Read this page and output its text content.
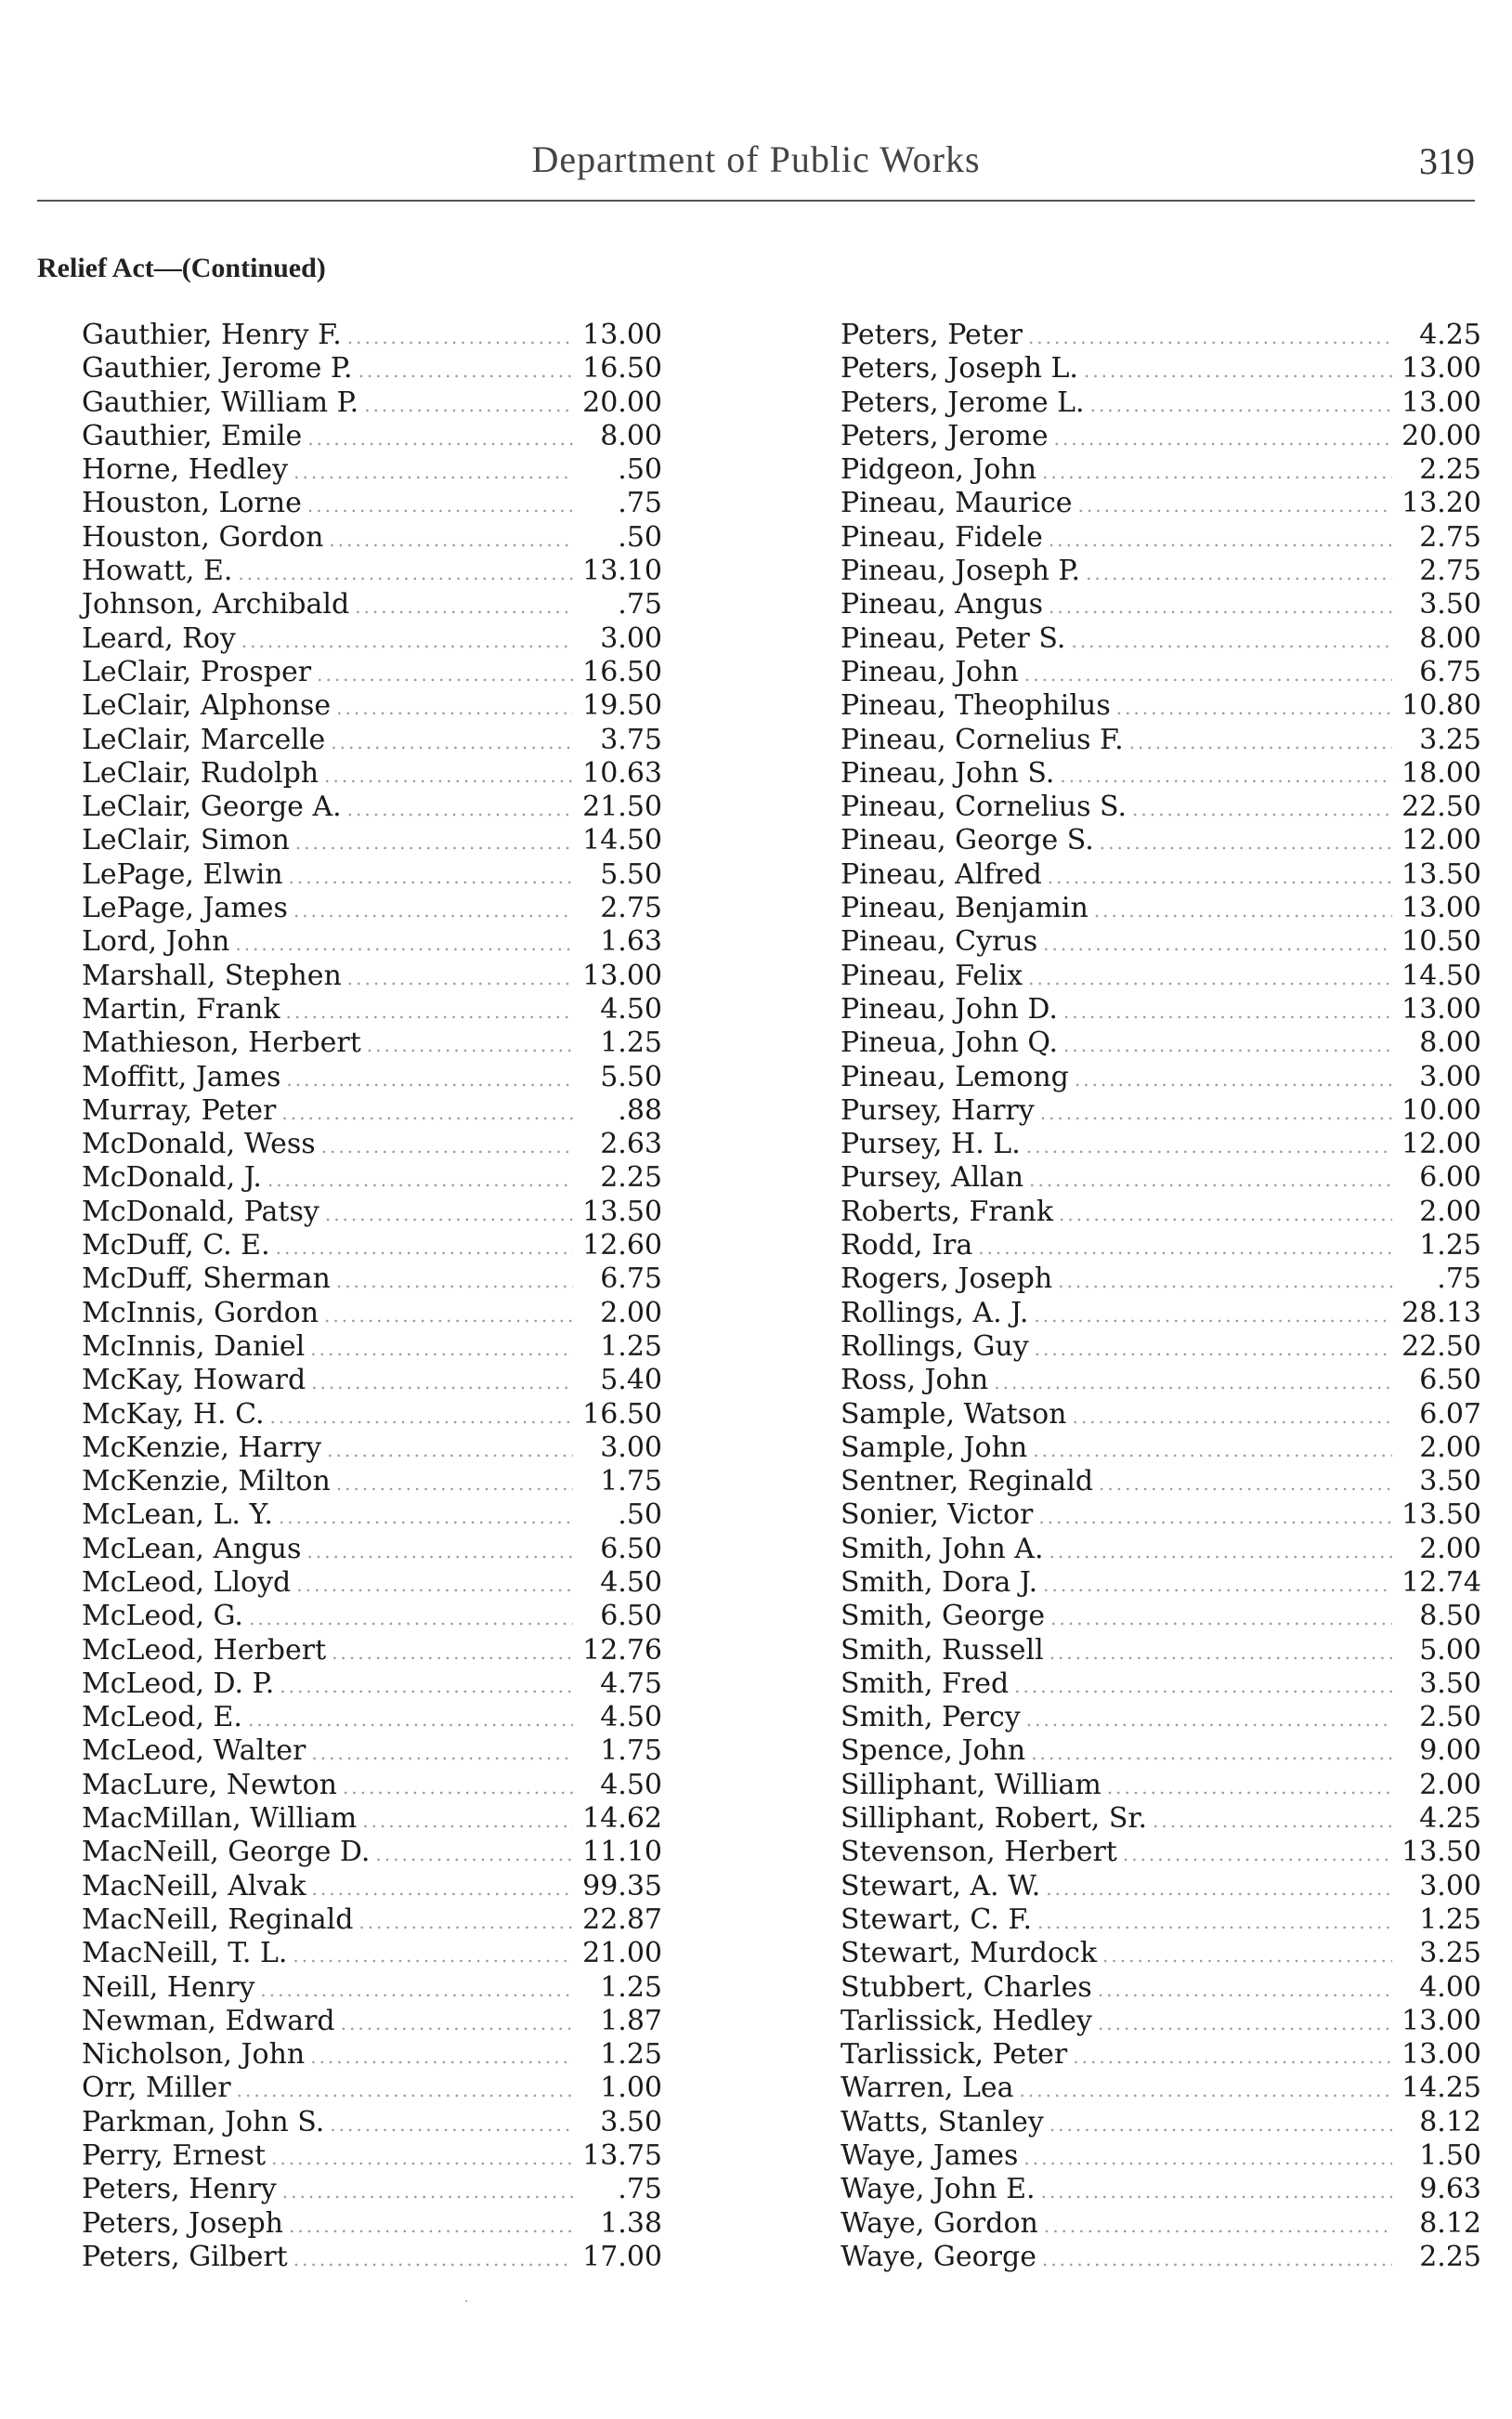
Department of Public Works	319
Relief Act—(Continued)
Gauthier, Henry F. .....	13.00
Gauthier, Jerome P. .....	16.50
Gauthier, William P. .....	20.00
Gauthier, Emile .....	8.00
Horne, Hedley .....	.50
Houston, Lorne .....	.75
Houston, Gordon .....	.50
Howatt, E. .....	13.10
Johnson, Archibald .....	.75
Leard, Roy .....	3.00
LeClair, Prosper .....	16.50
LeClair, Alphonse .....	19.50
LeClair, Marcelle .....	3.75
LeClair, Rudolph .....	10.63
LeClair, George A. .....	21.50
LeClair, Simon .....	14.50
LePage, Elwin .....	5.50
LePage, James .....	2.75
Lord, John .....	1.63
Marshall, Stephen .....	13.00
Martin, Frank .....	4.50
Mathieson, Herbert .....	1.25
Moffitt, James .....	5.50
Murray, Peter .....	.88
McDonald, Wess .....	2.63
McDonald, J. .....	2.25
McDonald, Patsy .....	13.50
McDuff, C. E. .....	12.60
McDuff, Sherman .....	6.75
McInnis, Gordon .....	2.00
McInnis, Daniel .....	1.25
McKay, Howard .....	5.40
McKay, H. C. .....	16.50
McKenzie, Harry .....	3.00
McKenzie, Milton .....	1.75
McLean, L. Y. .....	.50
McLean, Angus .....	6.50
McLeod, Lloyd .....	4.50
McLeod, G. .....	6.50
McLeod, Herbert .....	12.76
McLeod, D. P. .....	4.75
McLeod, E. .....	4.50
McLeod, Walter .....	1.75
MacLure, Newton .....	4.50
MacMillan, William .....	14.62
MacNeill, George D. .....	11.10
MacNeill, Alvak .....	99.35
MacNeill, Reginald .....	22.87
MacNeill, T. L. .....	21.00
Neill, Henry .....	1.25
Newman, Edward .....	1.87
Nicholson, John .....	1.25
Orr, Miller .....	1.00
Parkman, John S. .....	3.50
Perry, Ernest .....	13.75
Peters, Henry .....	.75
Peters, Joseph .....	1.38
Peters, Gilbert .....	17.00
Peters, Peter .....	4.25
Peters, Joseph L. .....	13.00
Peters, Jerome L. .....	13.00
Peters, Jerome .....	20.00
Pidgeon, John .....	2.25
Pineau, Maurice .....	13.20
Pineau, Fidele .....	2.75
Pineau, Joseph P. .....	2.75
Pineau, Angus .....	3.50
Pineau, Peter S. .....	8.00
Pineau, John .....	6.75
Pineau, Theophilus .....	10.80
Pineau, Cornelius F. .....	3.25
Pineau, John S. .....	18.00
Pineau, Cornelius S. .....	22.50
Pineau, George S. .....	12.00
Pineau, Alfred .....	13.50
Pineau, Benjamin .....	13.00
Pineau, Cyrus .....	10.50
Pineau, Felix .....	14.50
Pineau, John D. .....	13.00
Pineua, John Q. .....	8.00
Pineau, Lemong .....	3.00
Pursey, Harry .....	10.00
Pursey, H. L. .....	12.00
Pursey, Allan .....	6.00
Roberts, Frank .....	2.00
Rodd, Ira .....	1.25
Rogers, Joseph .....	.75
Rollings, A. J. .....	28.13
Rollings, Guy .....	22.50
Ross, John .....	6.50
Sample, Watson .....	6.07
Sample, John .....	2.00
Sentner, Reginald .....	3.50
Sonier, Victor .....	13.50
Smith, John A. .....	2.00
Smith, Dora J. .....	12.74
Smith, George .....	8.50
Smith, Russell .....	5.00
Smith, Fred .....	3.50
Smith, Percy .....	2.50
Spence, John .....	9.00
Silliphant, William .....	2.00
Silliphant, Robert, Sr. .....	4.25
Stevenson, Herbert .....	13.50
Stewart, A. W. .....	3.00
Stewart, C. F. .....	1.25
Stewart, Murdock .....	3.25
Stubbert, Charles .....	4.00
Tarlissick, Hedley .....	13.00
Tarlissick, Peter .....	13.00
Warren, Lea .....	14.25
Watts, Stanley .....	8.12
Waye, James .....	1.50
Waye, John E. .....	9.63
Waye, Gordon .....	8.12
Waye, George .....	2.25
·
